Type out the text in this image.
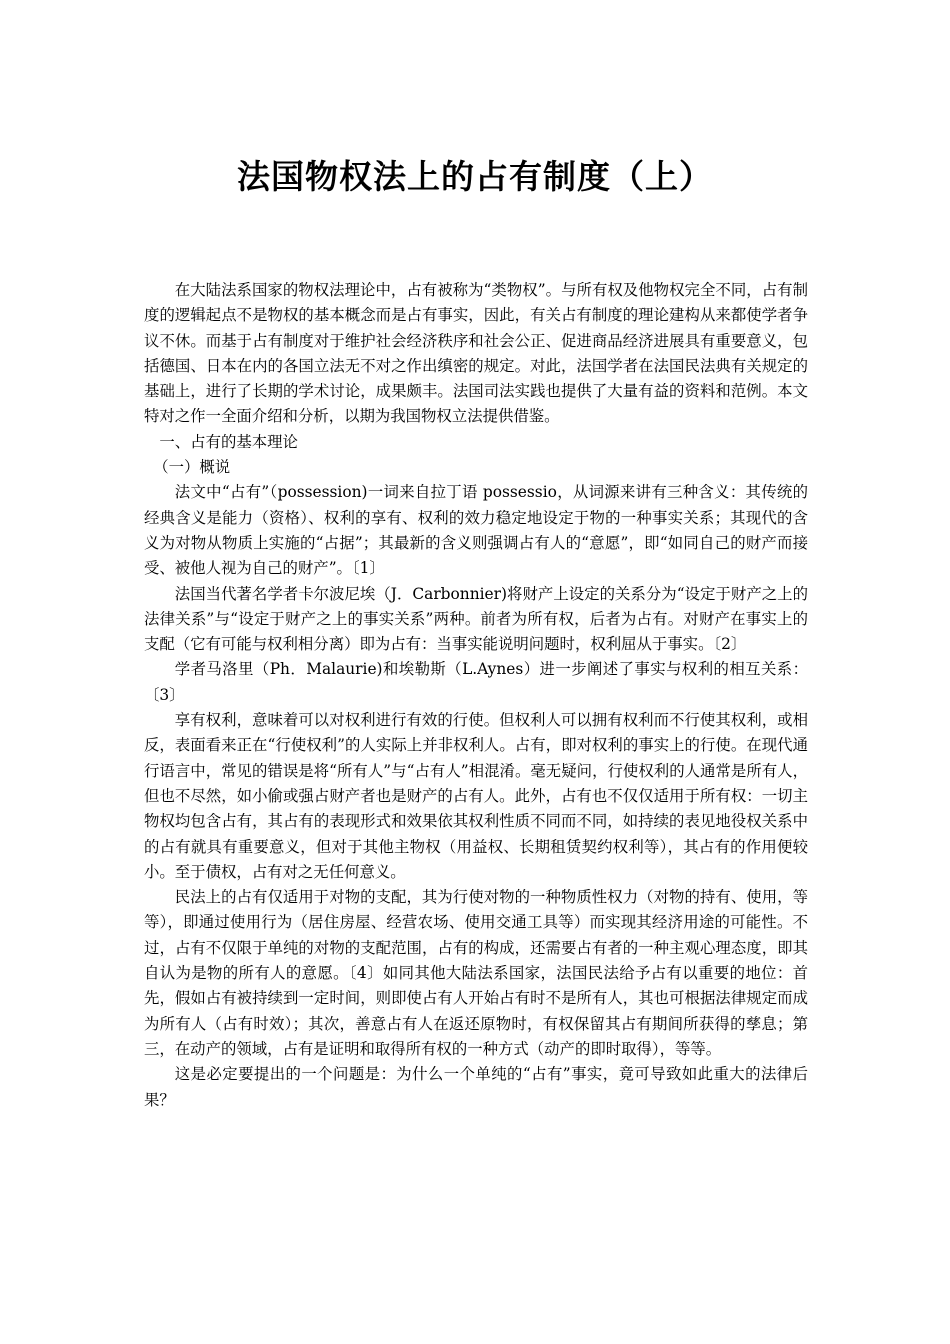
法国物权法上的占有制度（上）

在大陆法系国家的物权法理论中，占有被称为“类物权”。与所有权及他物权完全不同，占有制度的逻辑起点不是物权的基本概念而是占有事实，因此，有关占有制度的理论建构从来都使学者争议不休。而基于占有制度对于维护社会经济秩序和社会公正、促进商品经济进展具有重要意义，包括德国、日本在内的各国立法无不对之作出缜密的规定。对此，法国学者在法国民法典有关规定的基础上，进行了长期的学术讨论，成果颇丰。法国司法实践也提供了大量有益的资料和范例。本文特对之作一全面介绍和分析，以期为我国物权立法提供借鉴。

一、占有的基本理论

（一）概说

法文中“占有”（possession)一词来自拉丁语 possessio，从词源来讲有三种含义：其传统的经典含义是能力（资格）、权利的享有、权利的效力稳定地设定于物的一种事实关系；其现代的含义为对物从物质上实施的“占据”；其最新的含义则强调占有人的“意愿”，即“如同自己的财产而接受、被他人视为自己的财产”。〔1〕

法国当代著名学者卡尔波尼埃（J．Carbonnier)将财产上设定的关系分为“设定于财产之上的法律关系”与“设定于财产之上的事实关系”两种。前者为所有权，后者为占有。对财产在事实上的支配（它有可能与权利相分离）即为占有：当事实能说明问题时，权利屈从于事实。〔2〕

学者马洛里（Ph．Malaurie)和埃勒斯（L.Aynes）进一步阐述了事实与权利的相互关系：〔3〕

享有权利，意味着可以对权利进行有效的行使。但权利人可以拥有权利而不行使其权利，或相反，表面看来正在“行使权利”的人实际上并非权利人。占有，即对权利的事实上的行使。在现代通行语言中，常见的错误是将“所有人”与“占有人”相混淆。毫无疑问，行使权利的人通常是所有人，但也不尽然，如小偷或强占财产者也是财产的占有人。此外，占有也不仅仅适用于所有权：一切主物权均包含占有，其占有的表现形式和效果依其权利性质不同而不同，如持续的表见地役权关系中的占有就具有重要意义，但对于其他主物权（用益权、长期租赁契约权利等），其占有的作用便较小。至于债权，占有对之无任何意义。

民法上的占有仅适用于对物的支配，其为行使对物的一种物质性权力（对物的持有、使用，等等），即通过使用行为（居住房屋、经营农场、使用交通工具等）而实现其经济用途的可能性。不过，占有不仅限于单纯的对物的支配范围，占有的构成，还需要占有者的一种主观心理态度，即其自认为是物的所有人的意愿。〔4〕如同其他大陆法系国家，法国民法给予占有以重要的地位：首先，假如占有被持续到一定时间，则即使占有人开始占有时不是所有人，其也可根据法律规定而成为所有人（占有时效）；其次，善意占有人在返还原物时，有权保留其占有期间所获得的孳息；第三，在动产的领域，占有是证明和取得所有权的一种方式（动产的即时取得），等等。

这是必定要提出的一个问题是：为什么一个单纯的“占有”事实，竟可导致如此重大的法律后果？
